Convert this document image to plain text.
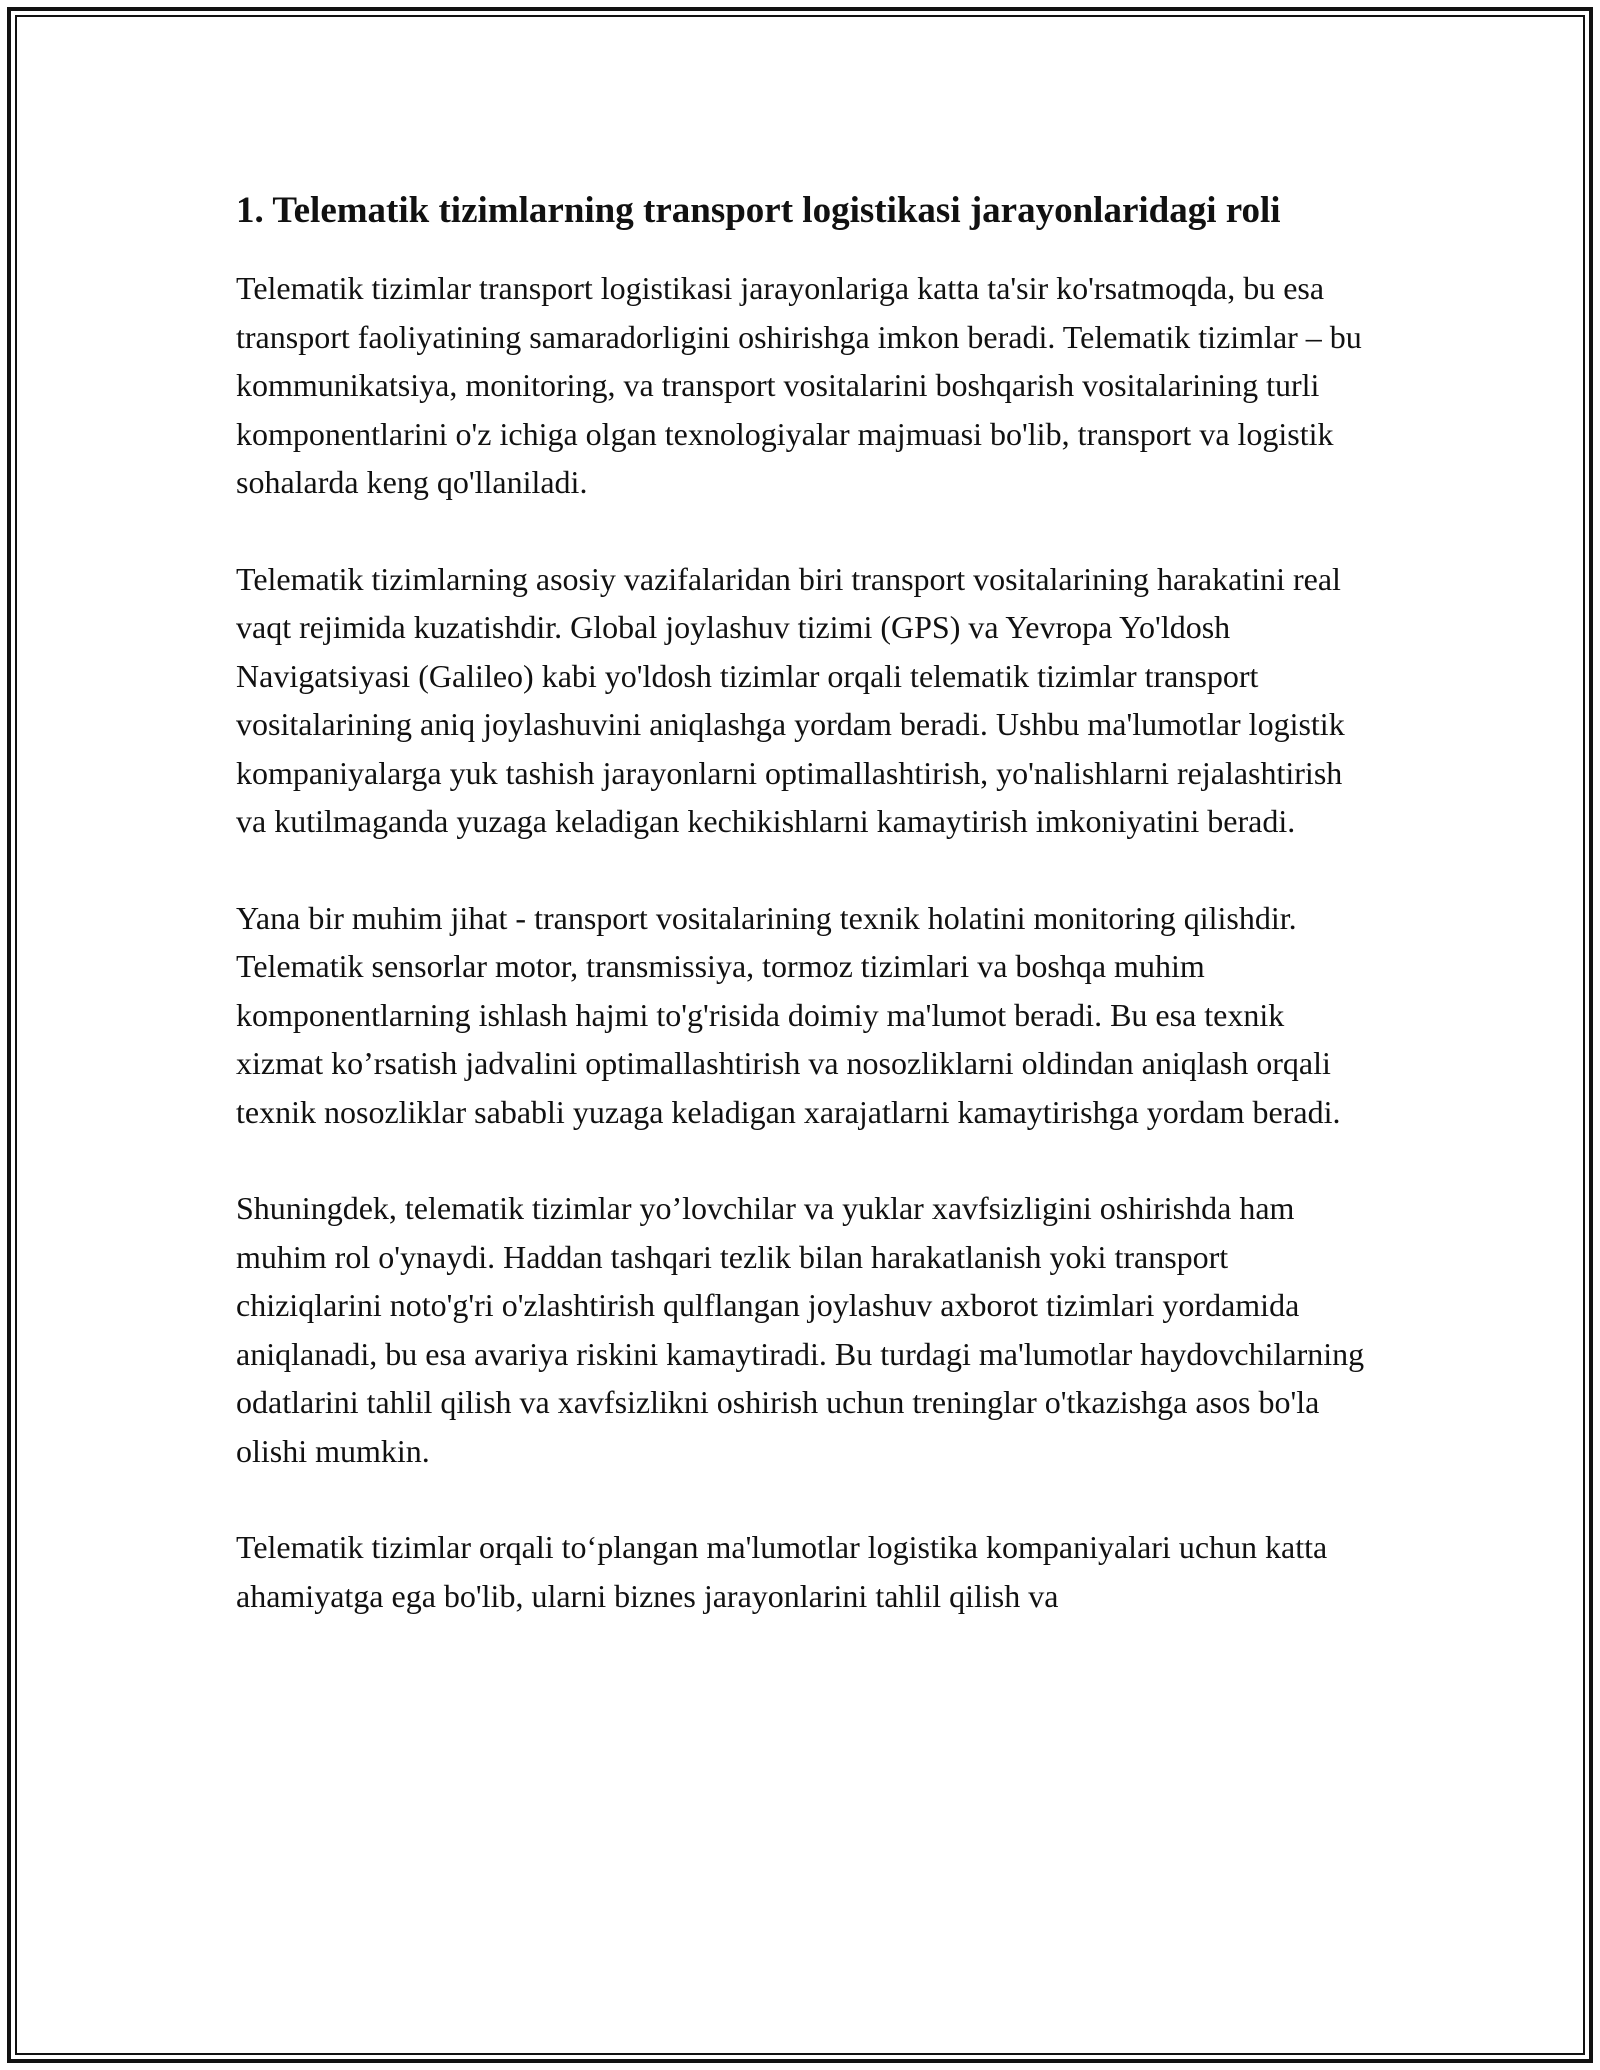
1. Telematik tizimlarning transport logistikasi jarayonlaridagi roli

Telematik tizimlar transport logistikasi jarayonlariga katta ta'sir ko'rsatmoqda, bu esa transport faoliyatining samaradorligini oshirishga imkon beradi. Telematik tizimlar – bu kommunikatsiya, monitoring, va transport vositalarini boshqarish vositalarining turli komponentlarini o'z ichiga olgan texnologiyalar majmuasi bo'lib, transport va logistik sohalarda keng qo'llaniladi.

Telematik tizimlarning asosiy vazifalaridan biri transport vositalarining harakatini real vaqt rejimida kuzatishdir. Global joylashuv tizimi (GPS) va Yevropa Yo'ldosh Navigatsiyasi (Galileo) kabi yo'ldosh tizimlar orqali telematik tizimlar transport vositalarining aniq joylashuvini aniqlashga yordam beradi. Ushbu ma'lumotlar logistik kompaniyalarga yuk tashish jarayonlarni optimallashtirish, yo'nalishlarni rejalashtirish va kutilmaganda yuzaga keladigan kechikishlarni kamaytirish imkoniyatini beradi.

Yana bir muhim jihat - transport vositalarining texnik holatini monitoring qilishdir. Telematik sensorlar motor, transmissiya, tormoz tizimlari va boshqa muhim komponentlarning ishlash hajmi to'g'risida doimiy ma'lumot beradi. Bu esa texnik xizmat ko’rsatish jadvalini optimallashtirish va nosozliklarni oldindan aniqlash orqali texnik nosozliklar sababli yuzaga keladigan xarajatlarni kamaytirishga yordam beradi.

Shuningdek, telematik tizimlar yo’lovchilar va yuklar xavfsizligini oshirishda ham muhim rol o'ynaydi. Haddan tashqari tezlik bilan harakatlanish yoki transport chiziqlarini noto'g'ri o'zlashtirish qulflangan joylashuv axborot tizimlari yordamida aniqlanadi, bu esa avariya riskini kamaytiradi. Bu turdagi ma'lumotlar haydovchilarning odatlarini tahlil qilish va xavfsizlikni oshirish uchun treninglar o'tkazishga asos bo'la olishi mumkin.

Telematik tizimlar orqali to‘plangan ma'lumotlar logistika kompaniyalari uchun katta ahamiyatga ega bo'lib, ularni biznes jarayonlarini tahlil qilish va
